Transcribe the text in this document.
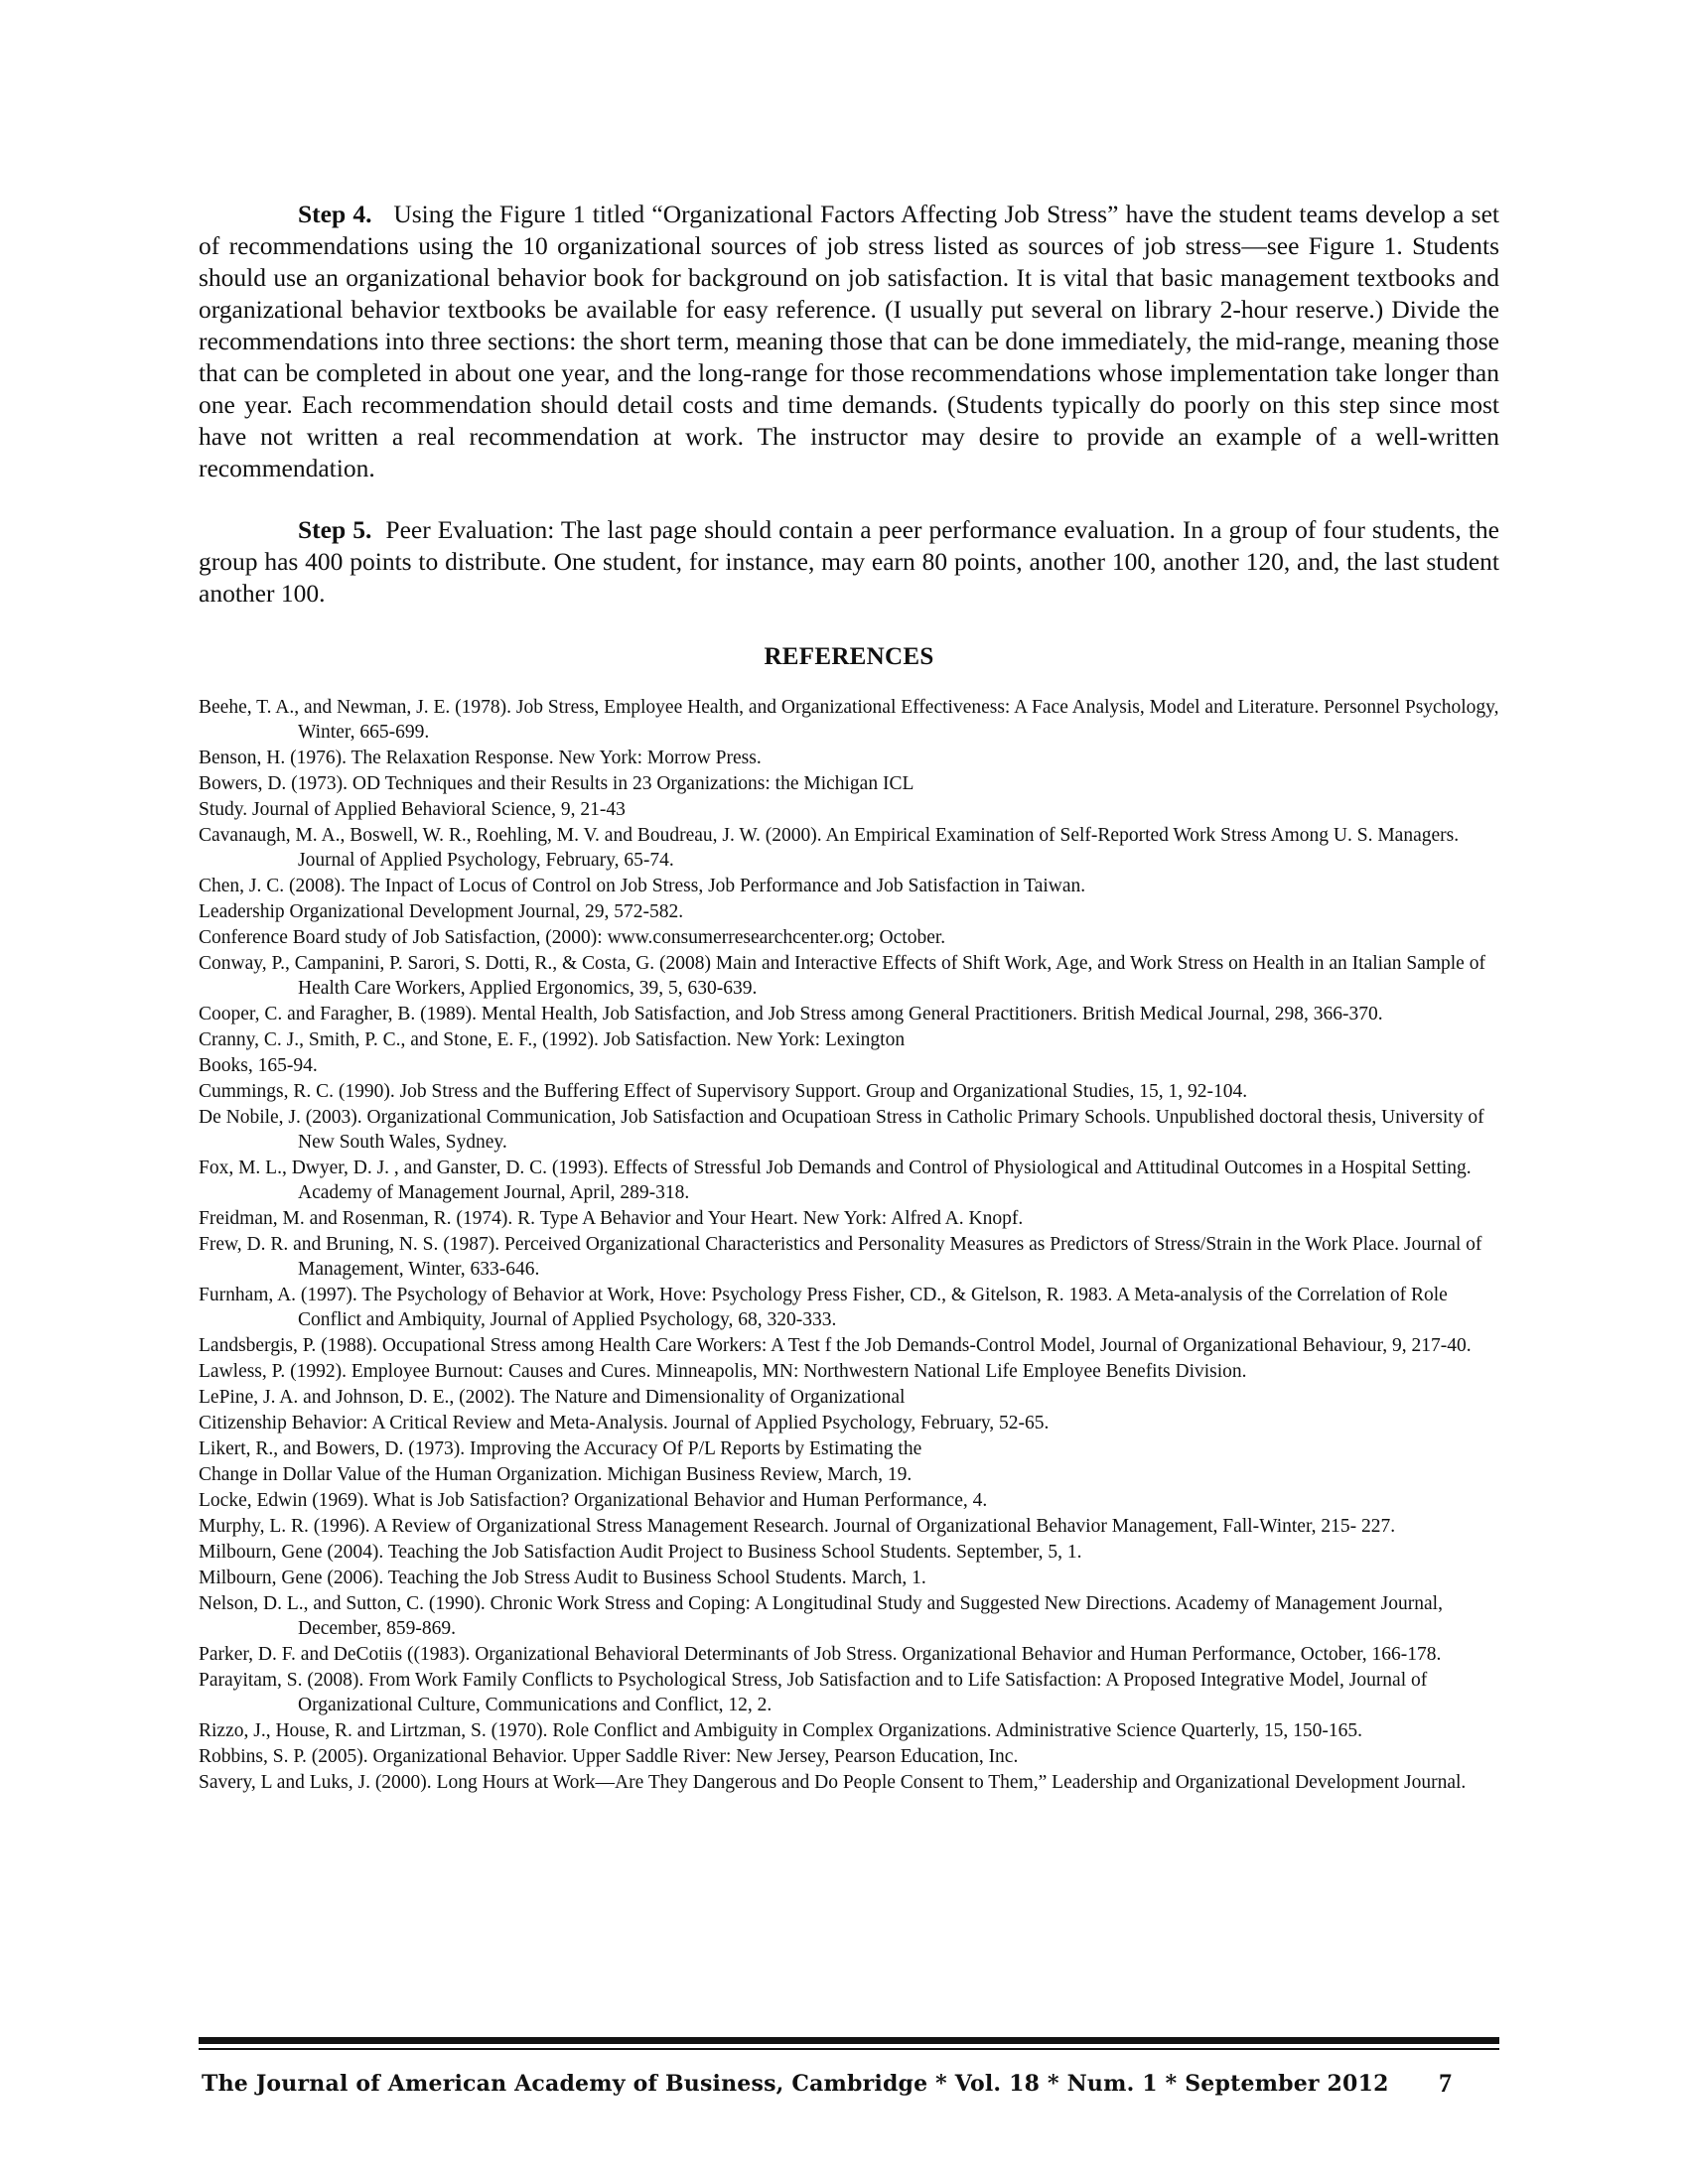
Step 4. Using the Figure 1 titled “Organizational Factors Affecting Job Stress” have the student teams develop a set of recommendations using the 10 organizational sources of job stress listed as sources of job stress—see Figure 1. Students should use an organizational behavior book for background on job satisfaction. It is vital that basic management textbooks and organizational behavior textbooks be available for easy reference. (I usually put several on library 2-hour reserve.) Divide the recommendations into three sections: the short term, meaning those that can be done immediately, the mid-range, meaning those that can be completed in about one year, and the long-range for those recommendations whose implementation take longer than one year. Each recommendation should detail costs and time demands. (Students typically do poorly on this step since most have not written a real recommendation at work. The instructor may desire to provide an example of a well-written recommendation.

Step 5. Peer Evaluation: The last page should contain a peer performance evaluation. In a group of four students, the group has 400 points to distribute. One student, for instance, may earn 80 points, another 100, another 120, and, the last student another 100.

REFERENCES
Beehe, T. A., and Newman, J. E. (1978). Job Stress, Employee Health, and Organizational Effectiveness: A Face Analysis, Model and Literature. Personnel Psychology, Winter, 665-699.
Benson, H. (1976). The Relaxation Response. New York: Morrow Press.
Bowers, D. (1973). OD Techniques and their Results in 23 Organizations: the Michigan ICL
Study. Journal of Applied Behavioral Science, 9, 21-43
Cavanaugh, M. A., Boswell, W. R., Roehling, M. V. and Boudreau, J. W. (2000). An Empirical Examination of Self-Reported Work Stress Among U. S. Managers. Journal of Applied Psychology, February, 65-74.
Chen, J. C. (2008). The Inpact of Locus of Control on Job Stress, Job Performance and Job Satisfaction in Taiwan.
Leadership Organizational Development Journal, 29, 572-582.
Conference Board study of Job Satisfaction, (2000): www.consumerresearchcenter.org; October.
Conway, P., Campanini, P. Sarori, S. Dotti, R., & Costa, G. (2008) Main and Interactive Effects of Shift Work, Age, and Work Stress on Health in an Italian Sample of Health Care Workers, Applied Ergonomics, 39, 5, 630-639.
Cooper, C. and Faragher, B. (1989). Mental Health, Job Satisfaction, and Job Stress among General Practitioners. British Medical Journal, 298, 366-370.
Cranny, C. J., Smith, P. C., and Stone, E. F., (1992). Job Satisfaction. New York: Lexington
Books, 165-94.
Cummings, R. C. (1990). Job Stress and the Buffering Effect of Supervisory Support. Group and Organizational Studies, 15, 1, 92-104.
De Nobile, J. (2003). Organizational Communication, Job Satisfaction and Ocupatioan Stress in Catholic Primary Schools. Unpublished doctoral thesis, University of New South Wales, Sydney.
Fox, M. L., Dwyer, D. J. , and Ganster, D. C. (1993). Effects of Stressful Job Demands and Control of Physiological and Attitudinal Outcomes in a Hospital Setting. Academy of Management Journal, April, 289-318.
Freidman, M. and Rosenman, R. (1974). R. Type A Behavior and Your Heart. New York: Alfred A. Knopf.
Frew, D. R. and Bruning, N. S. (1987). Perceived Organizational Characteristics and Personality Measures as Predictors of Stress/Strain in the Work Place. Journal of Management, Winter, 633-646.
Furnham, A. (1997). The Psychology of Behavior at Work, Hove: Psychology Press Fisher, CD., & Gitelson, R. 1983. A Meta-analysis of the Correlation of Role Conflict and Ambiquity, Journal of Applied Psychology, 68, 320-333.
Landsbergis, P. (1988). Occupational Stress among Health Care Workers: A Test f the Job Demands-Control Model, Journal of Organizational Behaviour, 9, 217-40.
Lawless, P. (1992). Employee Burnout: Causes and Cures. Minneapolis, MN: Northwestern National Life Employee Benefits Division.
LePine, J. A. and Johnson, D. E., (2002). The Nature and Dimensionality of Organizational
Citizenship Behavior: A Critical Review and Meta-Analysis. Journal of Applied Psychology, February, 52-65.
Likert, R., and Bowers, D. (1973). Improving the Accuracy Of P/L Reports by Estimating the
Change in Dollar Value of the Human Organization. Michigan Business Review, March, 19.
Locke, Edwin (1969). What is Job Satisfaction? Organizational Behavior and Human Performance, 4.
Murphy, L. R. (1996). A Review of Organizational Stress Management Research. Journal of Organizational Behavior Management, Fall-Winter, 215- 227.
Milbourn, Gene (2004). Teaching the Job Satisfaction Audit Project to Business School Students. September, 5, 1.
Milbourn, Gene (2006). Teaching the Job Stress Audit to Business School Students. March, 1.
Nelson, D. L., and Sutton, C. (1990). Chronic Work Stress and Coping: A Longitudinal Study and Suggested New Directions. Academy of Management Journal, December, 859-869.
Parker, D. F. and DeCotiis ((1983). Organizational Behavioral Determinants of Job Stress. Organizational Behavior and Human Performance, October, 166-178.
Parayitam, S. (2008). From Work Family Conflicts to Psychological Stress, Job Satisfaction and to Life Satisfaction: A Proposed Integrative Model, Journal of Organizational Culture, Communications and Conflict, 12, 2.
Rizzo, J., House, R. and Lirtzman, S. (1970). Role Conflict and Ambiguity in Complex Organizations. Administrative Science Quarterly, 15, 150-165.
Robbins, S. P. (2005). Organizational Behavior. Upper Saddle River: New Jersey, Pearson Education, Inc.
Savery, L and Luks, J. (2000). Long Hours at Work—Are They Dangerous and Do People Consent to Them,” Leadership and Organizational Development Journal.
The Journal of American Academy of Business, Cambridge * Vol. 18 * Num. 1 * September 2012 7
